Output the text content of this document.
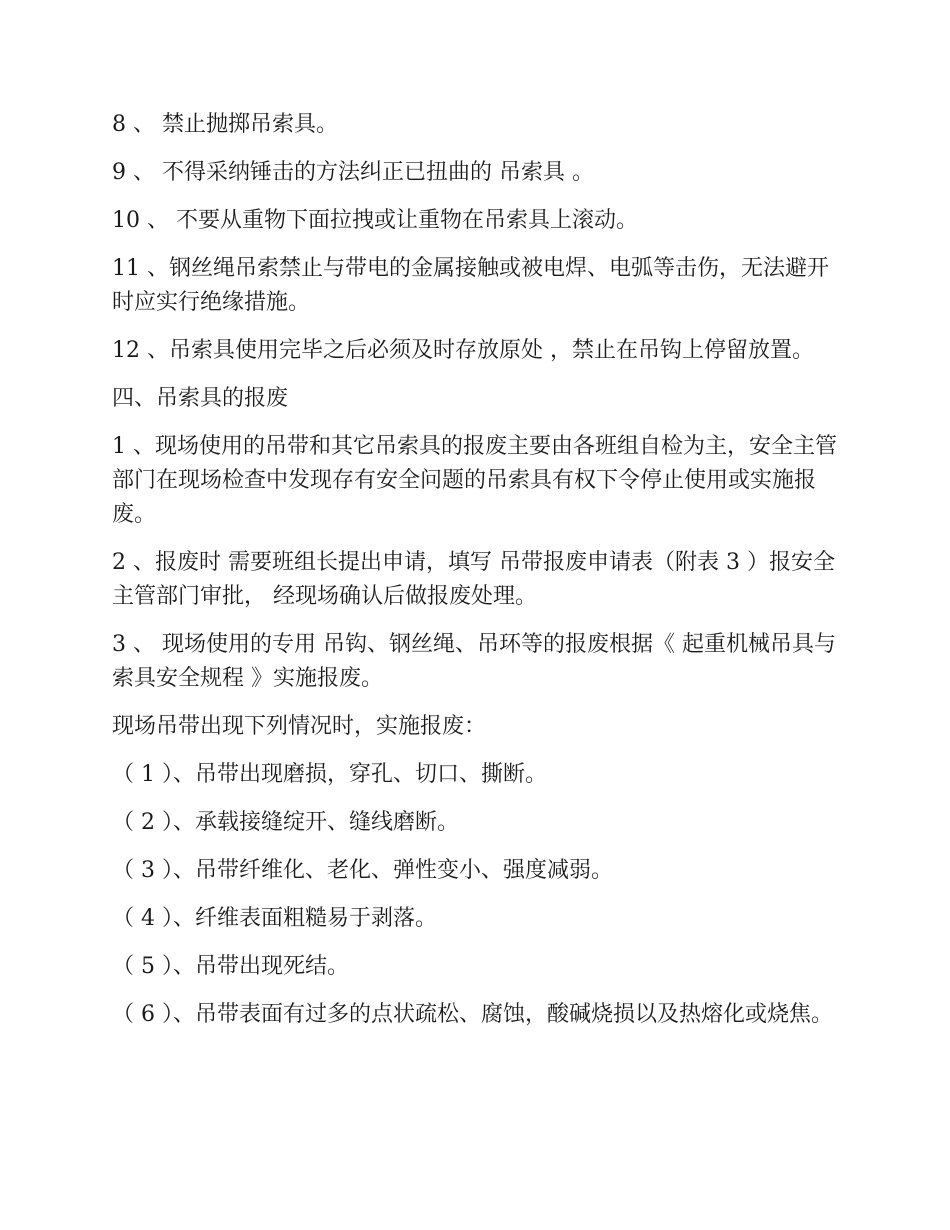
8 、 禁止抛掷吊索具。

9 、 不得采纳锤击的方法纠正已扭曲的 吊索具 。

10 、 不要从重物下面拉拽或让重物在吊索具上滚动。

11 、钢丝绳吊索禁止与带电的金属接触或被电焊、电弧等击伤，无法避开时应实行绝缘措施。

12 、吊索具使用完毕之后必须及时存放原处 ，禁止在吊钩上停留放置。

四、吊索具的报废

1 、现场使用的吊带和其它吊索具的报废主要由各班组自检为主，安全主管部门在现场检查中发现存有安全问题的吊索具有权下令停止使用或实施报废。

2 、报废时 需要班组长提出申请，填写 吊带报废申请表（附表 3 ）报安全主管部门审批， 经现场确认后做报废处理。

3 、 现场使用的专用 吊钩、钢丝绳、吊环等的报废根据《 起重机械吊具与索具安全规程 》实施报废。

现场吊带出现下列情况时，实施报废：

（ 1 ）、吊带出现磨损，穿孔、切口、撕断。

（ 2 ）、承载接缝绽开、缝线磨断。

（ 3 ）、吊带纤维化、老化、弹性变小、强度减弱。

（ 4 ）、纤维表面粗糙易于剥落。

（ 5 ）、吊带出现死结。

（ 6 ）、吊带表面有过多的点状疏松、腐蚀，酸碱烧损以及热熔化或烧焦。
